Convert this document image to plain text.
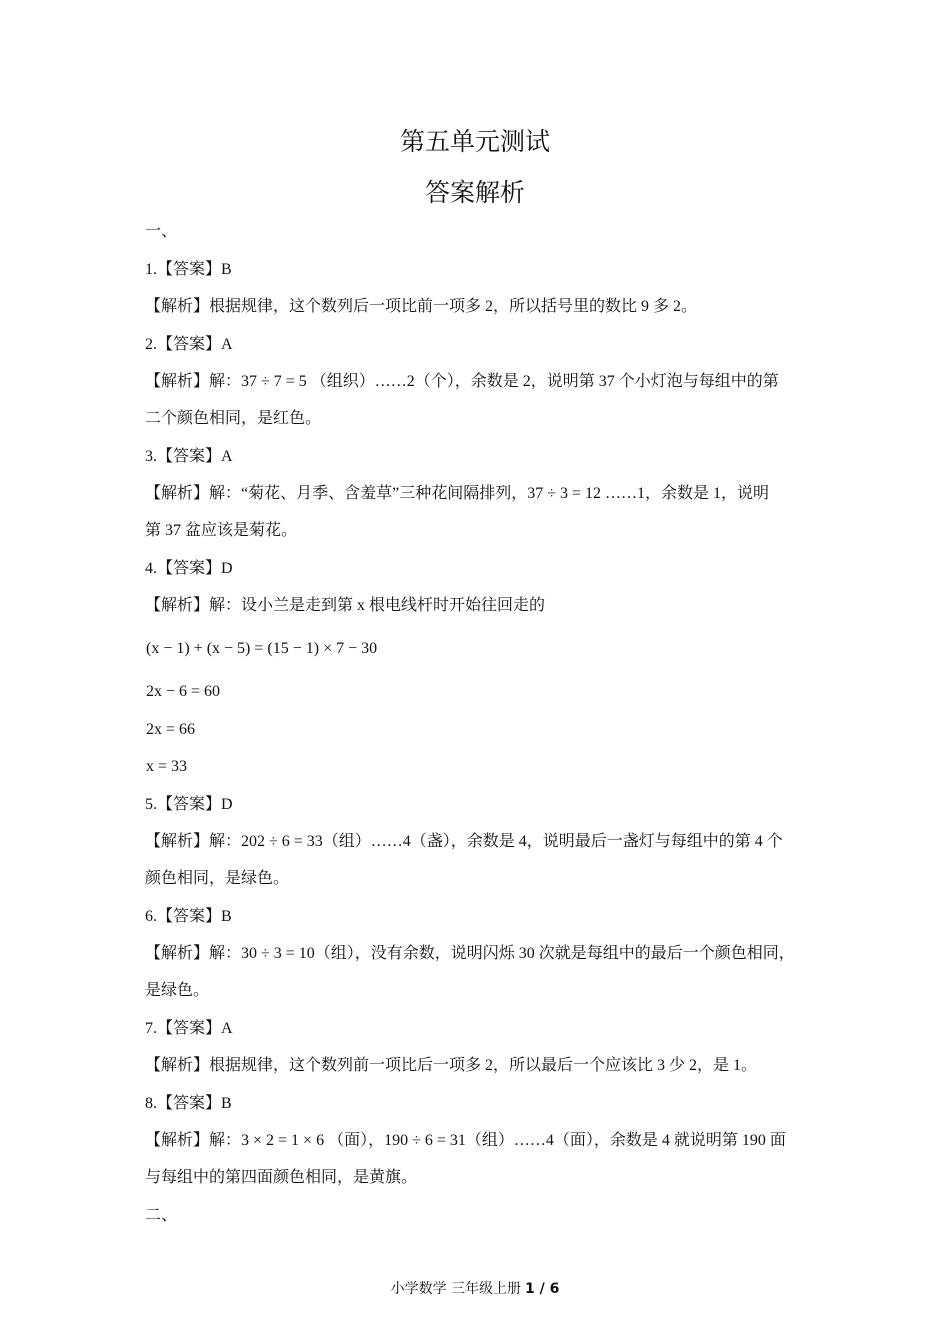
第五单元测试
答案解析
一、
1.【答案】B
【解析】根据规律，这个数列后一项比前一项多 2，所以括号里的数比 9 多 2。
2.【答案】A
【解析】解：37 ÷ 7 = 5 （组织）……2（个），余数是 2，说明第 37 个小灯泡与每组中的第
二个颜色相同，是红色。
3.【答案】A
【解析】解：“菊花、月季、含羞草”三种花间隔排列，37 ÷ 3 = 12 ……1，余数是 1，说明
第 37 盆应该是菊花。
4.【答案】D
【解析】解：设小兰是走到第 x 根电线杆时开始往回走的
(x − 1) + (x − 5) = (15 − 1) × 7 − 30
2x − 6 = 60
2x = 66
x = 33
5.【答案】D
【解析】解：202 ÷ 6 = 33（组）……4（盏），余数是 4，说明最后一盏灯与每组中的第 4 个
颜色相同，是绿色。
6.【答案】B
【解析】解：30 ÷ 3 = 10（组），没有余数，说明闪烁 30 次就是每组中的最后一个颜色相同，
是绿色。
7.【答案】A
【解析】根据规律，这个数列前一项比后一项多 2，所以最后一个应该比 3 少 2，是 1。
8.【答案】B
【解析】解：3 × 2 = 1 × 6 （面），190 ÷ 6 = 31（组）……4（面），余数是 4 就说明第 190 面
与每组中的第四面颜色相同，是黄旗。
二、
小学数学 三年级上册 1 / 6
